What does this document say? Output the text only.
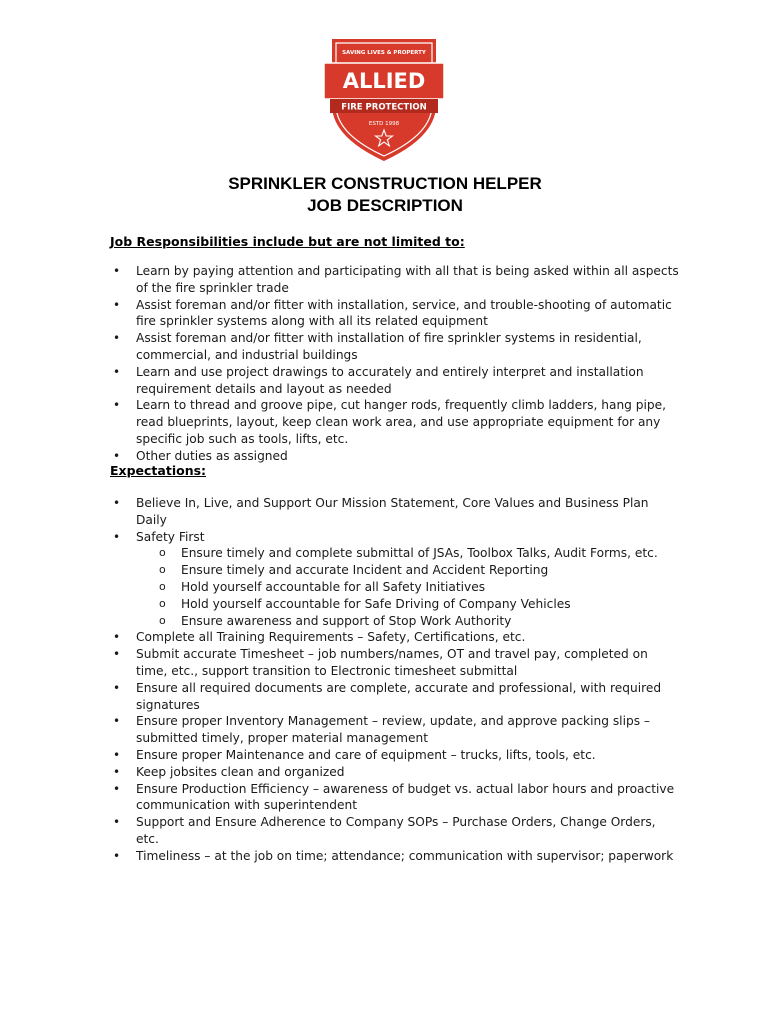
SAVING LIVES & PROPERTY
ALLIED
FIRE PROTECTION
ESTD 1998
SPRINKLER CONSTRUCTION HELPER
JOB DESCRIPTION
Job Responsibilities include but are not limited to:
• Learn by paying attention and participating with all that is being asked within all aspects of the fire sprinkler trade
• Assist foreman and/or fitter with installation, service, and trouble-shooting of automatic fire sprinkler systems along with all its related equipment
• Assist foreman and/or fitter with installation of fire sprinkler systems in residential, commercial, and industrial buildings
• Learn and use project drawings to accurately and entirely interpret and installation requirement details and layout as needed
• Learn to thread and groove pipe, cut hanger rods, frequently climb ladders, hang pipe, read blueprints, layout, keep clean work area, and use appropriate equipment for any specific job such as tools, lifts, etc.
• Other duties as assigned
Expectations:
• Believe In, Live, and Support Our Mission Statement, Core Values and Business Plan Daily
• Safety First
o Ensure timely and complete submittal of JSAs, Toolbox Talks, Audit Forms, etc.
o Ensure timely and accurate Incident and Accident Reporting
o Hold yourself accountable for all Safety Initiatives
o Hold yourself accountable for Safe Driving of Company Vehicles
o Ensure awareness and support of Stop Work Authority
• Complete all Training Requirements – Safety, Certifications, etc.
• Submit accurate Timesheet – job numbers/names, OT and travel pay, completed on time, etc., support transition to Electronic timesheet submittal
• Ensure all required documents are complete, accurate and professional, with required signatures
• Ensure proper Inventory Management – review, update, and approve packing slips – submitted timely, proper material management
• Ensure proper Maintenance and care of equipment – trucks, lifts, tools, etc.
• Keep jobsites clean and organized
• Ensure Production Efficiency – awareness of budget vs. actual labor hours and proactive communication with superintendent
• Support and Ensure Adherence to Company SOPs – Purchase Orders, Change Orders, etc.
• Timeliness – at the job on time; attendance; communication with supervisor; paperwork
